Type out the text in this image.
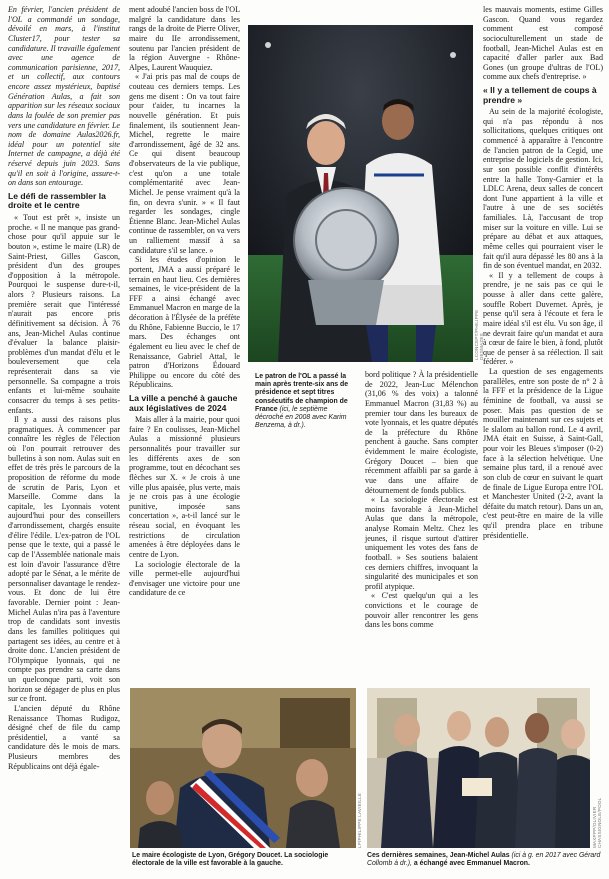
En février, l'ancien président de l'OL a commandé un sondage, dévoilé en mars, à l'institut Cluster17, pour tester sa candidature. Il travaille également avec une agence de communication parisienne, 2017, et un collectif, aux contours encore assez mystérieux, baptisé Génération Aulas, a fait son apparition sur les réseaux sociaux dans la foulée de son premier pas vers une candidature en février. Le nom de domaine Aulas2026.fr, idéal pour un potentiel site Internet de campagne, a déjà été réservé depuis juin 2023. Sans qu'il en soit à l'origine, assure-t-on dans son entourage.

Le défi de rassembler la droite et le centre

« Tout est prêt », insiste un proche. « Il ne manque pas grand-chose pour qu'il appuie sur le bouton », estime le maire (LR) de Saint-Priest, Gilles Gascon, président d'un des groupes d'opposition à la métropole. Pourquoi le suspense dure-t-il, alors ? Plusieurs raisons. La première serait que l'intéressé n'aurait pas encore pris définitivement sa décision. À 76 ans, Jean-Michel Aulas continue d'évaluer la balance plaisir-problèmes d'un mandat d'élu et le bouleversement que cela représenterait dans sa vie personnelle. Sa compagne a trois enfants et lui-même souhaite consacrer du temps à ses petits-enfants.

Il y a aussi des raisons plus pragmatiques. À commencer par connaître les règles de l'élection où l'on pourrait retrouver des bulletins à son nom. Aulas suit en effet de très près le parcours de la proposition de réforme du mode de scrutin de Paris, Lyon et Marseille. Comme dans la capitale, les Lyonnais votent aujourd'hui pour des conseillers d'arrondissement, chargés ensuite d'élire l'édile. L'ex-patron de l'OL pense que le texte, qui a passé le cap de l'Assemblée nationale mais est loin d'avoir l'assurance d'être adopté par le Sénat, a le mérite de personnaliser davantage le rendez-vous. Et donc de lui être favorable. Dernier point : Jean-Michel Aulas n'ira pas à l'aventure trop de candidats sont investis dans les familles politiques qui partagent ses idées, au centre et à droite donc. L'ancien président de l'Olympique lyonnais, qui ne compte pas prendre sa carte dans un quelconque parti, voit son horizon se dégager de plus en plus sur ce front.

L'ancien député du Rhône Renaissance Thomas Rudigoz, désigné chef de file du camp présidentiel, a vanté sa candidature dès le mois de mars. Plusieurs membres des Républicains ont déjà égale-

ment adoubé l'ancien boss de l'OL malgré la candidature dans les rangs de la droite de Pierre Oliver, maire du IIe arrondissement, soutenu par l'ancien président de la région Auvergne - Rhône-Alpes, Laurent Wauquiez.

« J'ai pris pas mal de coups de couteau ces derniers temps. Les gens me disent : On va tout faire pour t'aider, tu incarnes la nouvelle génération. Et puis finalement, ils soutiennent Jean-Michel, regrette le maire d'arrondissement, âgé de 32 ans. Ce qui disent beaucoup d'observateurs de la vie publique, c'est qu'on a une totale complémentarité avec Jean-Michel. Je pense vraiment qu'à la fin, on devra s'unir. » « Il faut regarder les sondages, cingle Étienne Blanc. Jean-Michel Aulas continue de rassembler, on va vers un ralliement massif à sa candidature s'il se lance. »

Si les études d'opinion le portent, JMA a aussi préparé le terrain en haut lieu. Ces dernières semaines, le vice-président de la FFF a ainsi échangé avec Emmanuel Macron en marge de la décoration à l'Élysée de la préfète du Rhône, Fabienne Buccio, le 17 mars. Des échanges ont également eu lieu avec le chef de Renaissance, Gabriel Attal, le patron d'Horizons Édouard Philippe ou encore du côté des Républicains.

La ville a penché à gauche aux législatives de 2024

Mais aller à la mairie, pour quoi faire ? En coulisses, Jean-Michel Aulas a missionné plusieurs personnalités pour travailler sur les différents axes de son programme, tout en décochant ses flèches sur X. « Je crois à une ville plus apaisée, plus verte, mais je ne crois pas à une écologie punitive, imposée sans concertation », a-t-il lancé sur le réseau social, en évoquant les restrictions de circulation amenées à être déployées dans le centre de Lyon.

La sociologie électorale de la ville permet-elle aujourd'hui d'envisager une victoire pour une candidature de ce

LCONCEPT/PHILIPPE DESMAZES
Le patron de l'OL a passé la main après trente-six ans de présidence et sept titres consécutifs de champion de France (ici, le septième décroché en 2008 avec Karim Benzema, à dr.).

bord politique ? À la présidentielle de 2022, Jean-Luc Mélenchon (31,06 % des voix) a talonné Emmanuel Macron (31,83 %) au premier tour dans les bureaux de vote lyonnais, et les quatre députés de la préfecture du Rhône penchent à gauche. Sans compter évidemment le maire écologiste, Grégory Doucet – bien que récemment affaibli par sa garde à vue dans une affaire de détournement de fonds publics.

« La sociologie électorale est moins favorable à Jean-Michel Aulas que dans la métropole, analyse Romain Meltz. Chez les jeunes, il risque surtout d'attirer uniquement les votes des fans de football. » Ses soutiens balaient ces derniers chiffres, invoquant la singularité des municipales et son profil atypique.

« C'est quelqu'un qui a les convictions et le courage de pouvoir aller rencontrer les gens dans les bons comme

les mauvais moments, estime Gilles Gascon. Quand vous regardez comment est composé socioculturellement un stade de football, Jean-Michel Aulas est en capacité d'aller parler aux Bad Gones (un groupe d'ultras de l'OL) comme aux chefs d'entreprise. »

« Il y a tellement de coups à prendre »

Au sein de la majorité écologiste, qui n'a pas répondu à nos sollicitations, quelques critiques ont commencé à apparaître à l'encontre de l'ancien patron de la Cegid, une entreprise de logiciels de gestion. Ici, sur son possible conflit d'intérêts entre la halle Tony-Garnier et la LDLC Arena, deux salles de concert dont l'une appartient à la ville et l'autre à une de ses sociétés familiales. Là, l'accusant de trop miser sur la voiture en ville. Lui se prépare au débat et aux attaques, même celles qui pourraient viser le fait qu'il aura dépassé les 80 ans à la fin de son éventuel mandat, en 2032.

« Il y a tellement de coups à prendre, je ne sais pas ce qui le pousse à aller dans cette galère, souffle Robert Duvernet. Après, je pense qu'il sera à l'écoute et fera le maire idéal s'il est élu. Vu son âge, il ne devrait faire qu'un mandat et aura à cœur de faire le bien, à fond, plutôt que de penser à sa réélection. Il sait fédérer. »

La question de ses engagements parallèles, entre son poste de n° 2 à la FFF et la présidence de la Ligue féminine de football, va aussi se poser. Mais pas question de se mouiller maintenant sur ces sujets et le slalom au ballon rond. Le 4 avril, JMA était en Suisse, à Saint-Gall, pour voir les Bleues s'imposer (0-2) face à la sélection helvétique. Une semaine plus tard, il a renoué avec son club de cœur en suivant le quart de finale de Ligue Europa entre l'OL et Manchester United (2-2, avant la défaite du match retour). Dans un an, c'est peut-être en maire de la ville qu'il prendra place en tribune présidentielle.

LP/PHILIPPE LAVIEILLE
Le maire écologiste de Lyon, Grégory Doucet. La sociologie électorale de la ville est favorable à la gauche.
MAXPPP/OLIVIER CHASSIGNOLE/POOL
Ces dernières semaines, Jean-Michel Aulas (ici à g. en 2017 avec Gérard Collomb à dr.), a échangé avec Emmanuel Macron.
